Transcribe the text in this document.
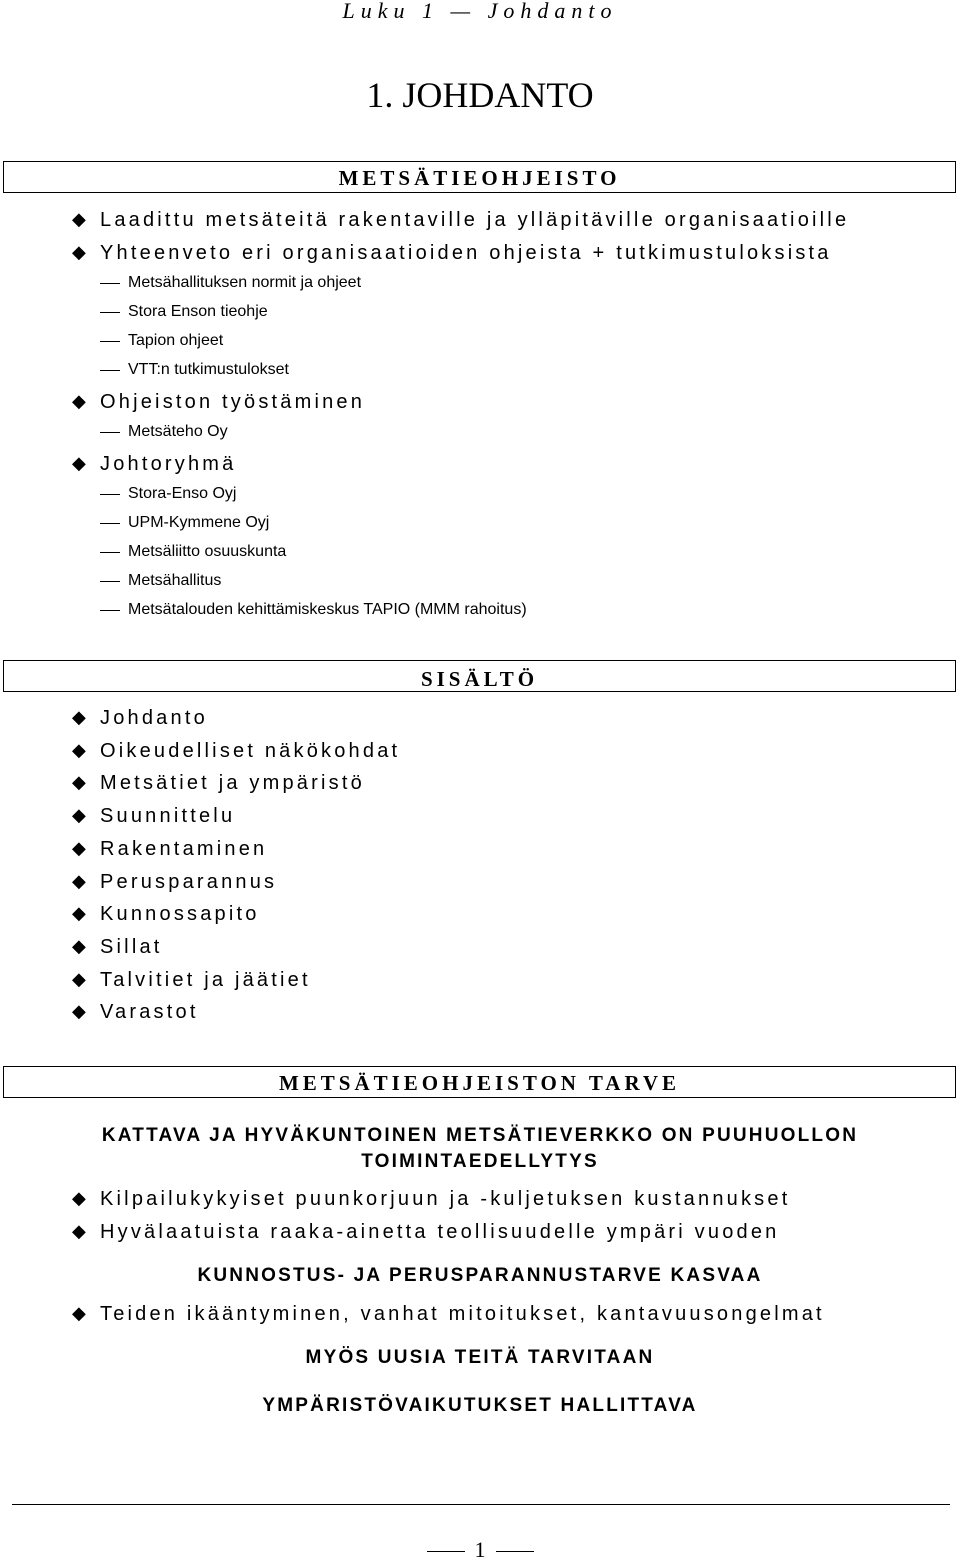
Luku 1 — Johdanto
1. JOHDANTO
METSÄTIEOHJEISTO
◆ Laadittu metsäteitä rakentaville ja ylläpitäville organisaatioille
◆ Yhteenveto eri organisaatioiden ohjeista + tutkimustuloksista
Metsähallituksen normit ja ohjeet
Stora Enson tieohje
Tapion ohjeet
VTT:n tutkimustulokset
◆ Ohjeiston työstäminen
Metsäteho Oy
◆ Johtoryhmä
Stora-Enso Oyj
UPM-Kymmene Oyj
Metsäliitto osuuskunta
Metsähallitus
Metsätalouden kehittämiskeskus TAPIO (MMM rahoitus)
SISÄLTÖ
◆ Johdanto
◆ Oikeudelliset näkökohdat
◆ Metsätiet ja ympäristö
◆ Suunnittelu
◆ Rakentaminen
◆ Perusparannus
◆ Kunnossapito
◆ Sillat
◆ Talvitiet ja jäätiet
◆ Varastot
METSÄTIEOHJEISTON TARVE
KATTAVA JA HYVÄKUNTOINEN METSÄTIEVERKKO ON PUUHUOLLON
TOIMINTAEDELLYTYS
◆ Kilpailukykyiset puunkorjuun ja -kuljetuksen kustannukset
◆ Hyvälaatuista raaka-ainetta teollisuudelle ympäri vuoden
KUNNOSTUS- JA PERUSPARANNUSTARVE KASVAA
◆ Teiden ikääntyminen, vanhat mitoitukset, kantavuusongelmat
MYÖS UUSIA TEITÄ TARVITAAN
YMPÄRISTÖVAIKUTUKSET HALLITTAVA
1
